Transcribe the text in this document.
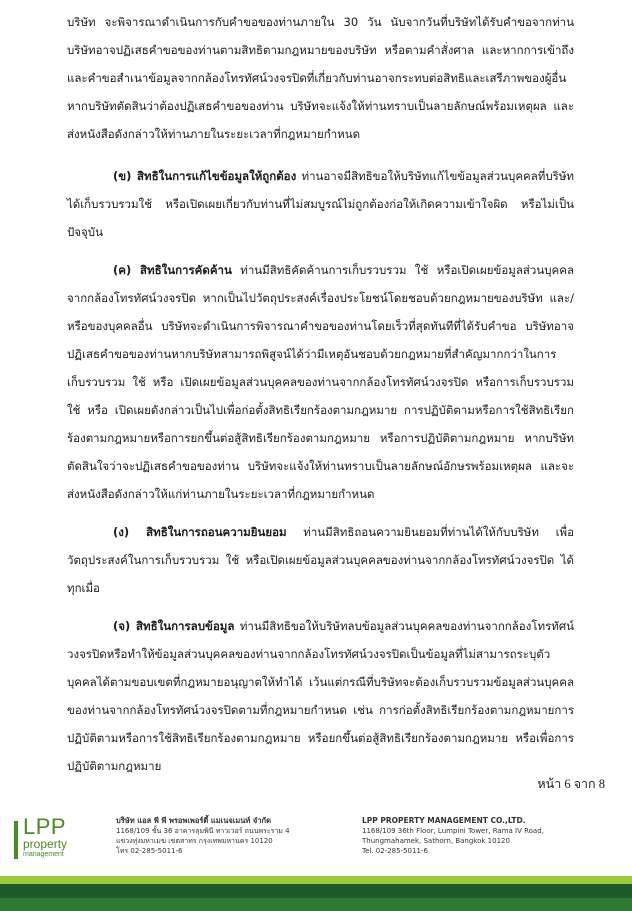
บริษัท จะพิจารณาดำเนินการกับคำขอของท่านภายใน 30 วัน นับจากวันที่บริษัทได้รับคำขอจากท่าน บริษัทอาจปฏิเสธคำขอของท่านตามสิทธิตามกฎหมายของบริษัท หรือตามคำสั่งศาล และหากการเข้าถึงและคำขอสำเนาข้อมูลจากกล้องโทรทัศน์วงจรปิดที่เกี่ยวกับท่านอาจกระทบต่อสิทธิและเสรีภาพของผู้อื่น หากบริษัทตัดสินว่าต้องปฏิเสธคำขอของท่าน บริษัทจะแจ้งให้ท่านทราบเป็นลายลักษณ์พร้อมเหตุผล และส่งหนังสือดังกล่าวให้ท่านภายในระยะเวลาที่กฎหมายกำหนด

(ข) สิทธิในการแก้ไขข้อมูลให้ถูกต้อง ท่านอาจมีสิทธิขอให้บริษัทแก้ไขข้อมูลส่วนบุคคลที่บริษัท ได้เก็บรวบรวมใช้ หรือเปิดเผยเกี่ยวกับท่านที่ไม่สมบูรณ์ไม่ถูกต้องก่อให้เกิดความเข้าใจผิด หรือไม่เป็นปัจจุบัน

(ค) สิทธิในการคัดค้าน ท่านมีสิทธิคัดค้านการเก็บรวบรวม ใช้ หรือเปิดเผยข้อมูลส่วนบุคคลจากกล้องโทรทัศน์วงจรปิด หากเป็นไปวัตถุประสงค์เรื่องประโยชน์โดยชอบด้วยกฎหมายของบริษัท และ/หรือของบุคคลอื่น บริษัทจะดำเนินการพิจารณาคำขอของท่านโดยเร็วที่สุดทันทีที่ได้รับคำขอ บริษัทอาจปฏิเสธคำขอของท่านหากบริษัทสามารถพิสูจน์ได้ว่ามีเหตุอันชอบด้วยกฎหมายที่สำคัญมากกว่าในการเก็บรวบรวม ใช้ หรือ เปิดเผยข้อมูลส่วนบุคคลของท่านจากกล้องโทรทัศน์วงจรปิด หรือการเก็บรวบรวม ใช้ หรือ เปิดเผยดังกล่าวเป็นไปเพื่อก่อตั้งสิทธิเรียกร้องตามกฎหมาย การปฏิบัติตามหรือการใช้สิทธิเรียกร้องตามกฎหมายหรือการยกขึ้นต่อสู้สิทธิเรียกร้องตามกฎหมาย หรือการปฏิบัติตามกฎหมาย หากบริษัทตัดสินใจว่าจะปฏิเสธคำขอของท่าน บริษัทจะแจ้งให้ท่านทราบเป็นลายลักษณ์อักษรพร้อมเหตุผล และจะส่งหนังสือดังกล่าวให้แก่ท่านภายในระยะเวลาที่กฎหมายกำหนด

(ง) สิทธิในการถอนความยินยอม ท่านมีสิทธิถอนความยินยอมที่ท่านได้ให้กับบริษัท เพื่อวัตถุประสงค์ในการเก็บรวบรวม ใช้ หรือเปิดเผยข้อมูลส่วนบุคคลของท่านจากกล้องโทรทัศน์วงจรปิด ได้ทุกเมื่อ

(จ) สิทธิในการลบข้อมูล ท่านมีสิทธิขอให้บริษัทลบข้อมูลส่วนบุคคลของท่านจากกล้องโทรทัศน์วงจรปิดหรือทำให้ข้อมูลส่วนบุคคลของท่านจากกล้องโทรทัศน์วงจรปิดเป็นข้อมูลที่ไม่สามารถระบุตัวบุคคลได้ตามขอบเขตที่กฎหมายอนุญาตให้ทำได้ เว้นแต่กรณีที่บริษัทจะต้องเก็บรวบรวมข้อมูลส่วนบุคคลของท่านจากกล้องโทรทัศน์วงจรปิดตามที่กฎหมายกำหนด เช่น การก่อตั้งสิทธิเรียกร้องตามกฎหมายการปฏิบัติตามหรือการใช้สิทธิเรียกร้องตามกฎหมาย หรือยกขึ้นต่อสู้สิทธิเรียกร้องตามกฎหมาย หรือเพื่อการปฏิบัติตามกฎหมาย

หน้า 6 จาก 8
LPP
property
management
บริษัท แอล พี พี พรอพเพอร์ตี้ แมเนจเมนท์ จำกัด
1168/109 ชั้น 36 อาคารลุมพินี ทาวเวอร์ ถนนพระราม 4
แขวงทุ่งมหาเมฆ เขตสาทร กรุงเทพมหานคร 10120
โทร 02-285-5011-6
LPP PROPERTY MANAGEMENT CO.,LTD.
1168/109 36th Floor, Lumpini Tower, Rama IV Road,
Thungmahamek, Sathorn, Bangkok 10120
Tel. 02-285-5011-6
